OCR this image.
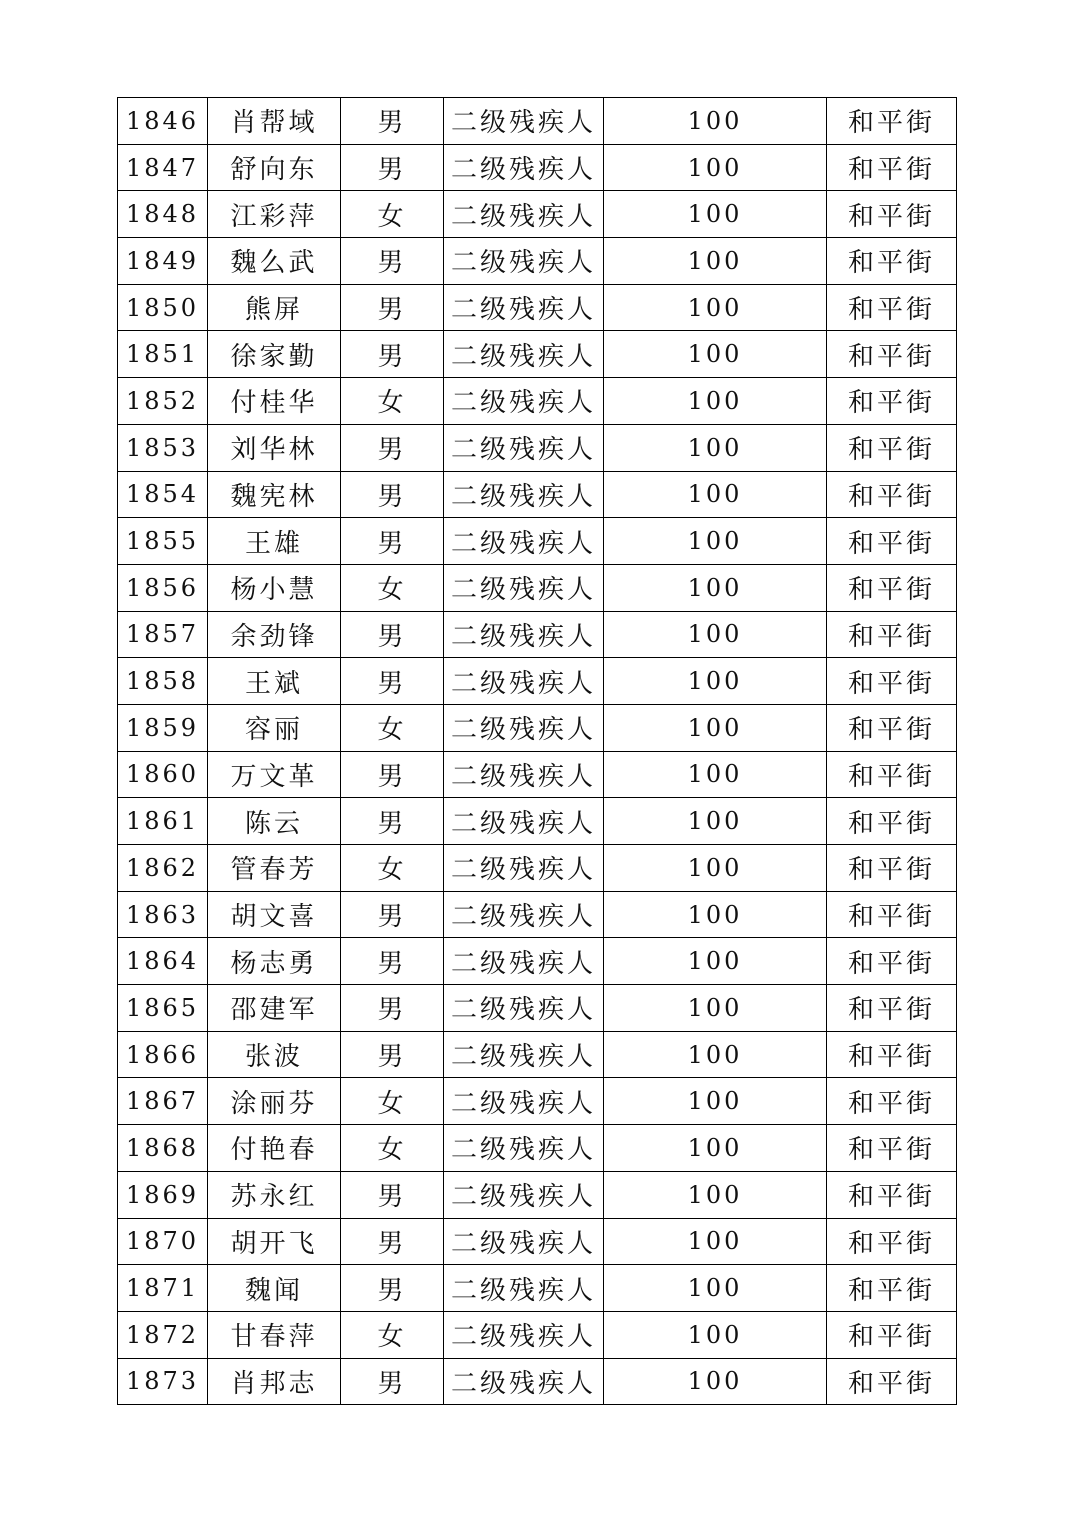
1846	肖帮域	男	二级残疾人	100	和平街
1847	舒向东	男	二级残疾人	100	和平街
1848	江彩萍	女	二级残疾人	100	和平街
1849	魏么武	男	二级残疾人	100	和平街
1850	熊屏	男	二级残疾人	100	和平街
1851	徐家勤	男	二级残疾人	100	和平街
1852	付桂华	女	二级残疾人	100	和平街
1853	刘华林	男	二级残疾人	100	和平街
1854	魏宪林	男	二级残疾人	100	和平街
1855	王雄	男	二级残疾人	100	和平街
1856	杨小慧	女	二级残疾人	100	和平街
1857	余劲锋	男	二级残疾人	100	和平街
1858	王斌	男	二级残疾人	100	和平街
1859	容丽	女	二级残疾人	100	和平街
1860	万文革	男	二级残疾人	100	和平街
1861	陈云	男	二级残疾人	100	和平街
1862	管春芳	女	二级残疾人	100	和平街
1863	胡文喜	男	二级残疾人	100	和平街
1864	杨志勇	男	二级残疾人	100	和平街
1865	邵建军	男	二级残疾人	100	和平街
1866	张波	男	二级残疾人	100	和平街
1867	涂丽芬	女	二级残疾人	100	和平街
1868	付艳春	女	二级残疾人	100	和平街
1869	苏永红	男	二级残疾人	100	和平街
1870	胡开飞	男	二级残疾人	100	和平街
1871	魏闻	男	二级残疾人	100	和平街
1872	甘春萍	女	二级残疾人	100	和平街
1873	肖邦志	男	二级残疾人	100	和平街
